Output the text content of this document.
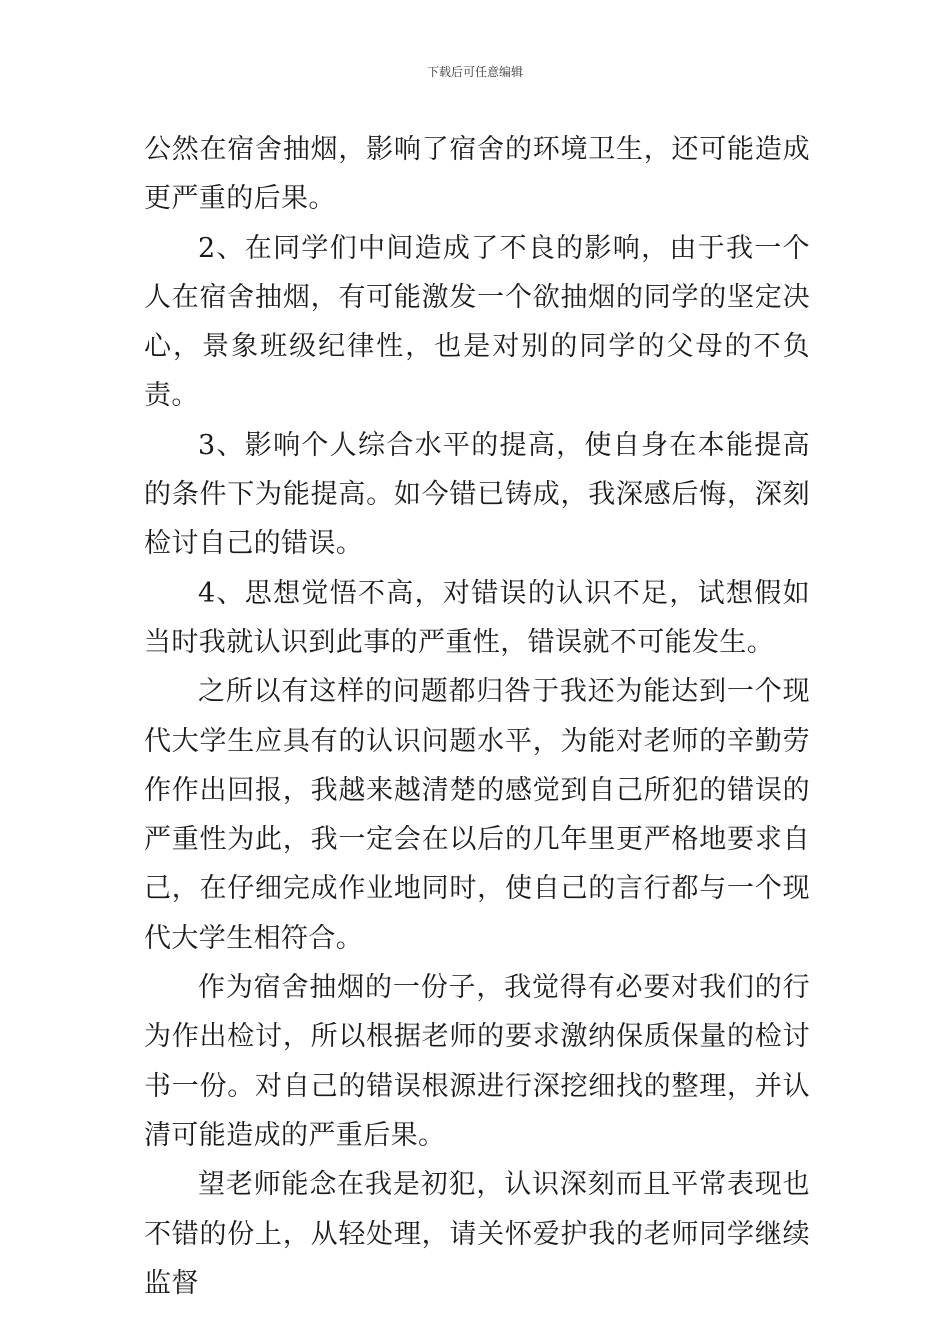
下载后可任意编辑

公然在宿舍抽烟，影响了宿舍的环境卫生，还可能造成更严重的后果。

2、在同学们中间造成了不良的影响，由于我一个人在宿舍抽烟，有可能激发一个欲抽烟的同学的坚定决心，景象班级纪律性，也是对别的同学的父母的不负责。

3、影响个人综合水平的提高，使自身在本能提高的条件下为能提高。如今错已铸成，我深感后悔，深刻检讨自己的错误。

4、思想觉悟不高，对错误的认识不足，试想假如当时我就认识到此事的严重性，错误就不可能发生。

之所以有这样的问题都归咎于我还为能达到一个现代大学生应具有的认识问题水平，为能对老师的辛勤劳作作出回报，我越来越清楚的感觉到自己所犯的错误的严重性为此，我一定会在以后的几年里更严格地要求自己，在仔细完成作业地同时，使自己的言行都与一个现代大学生相符合。

作为宿舍抽烟的一份子，我觉得有必要对我们的行为作出检讨，所以根据老师的要求激纳保质保量的检讨书一份。对自己的错误根源进行深挖细找的整理，并认清可能造成的严重后果。

望老师能念在我是初犯，认识深刻而且平常表现也不错的份上，从轻处理，请关怀爱护我的老师同学继续监督
